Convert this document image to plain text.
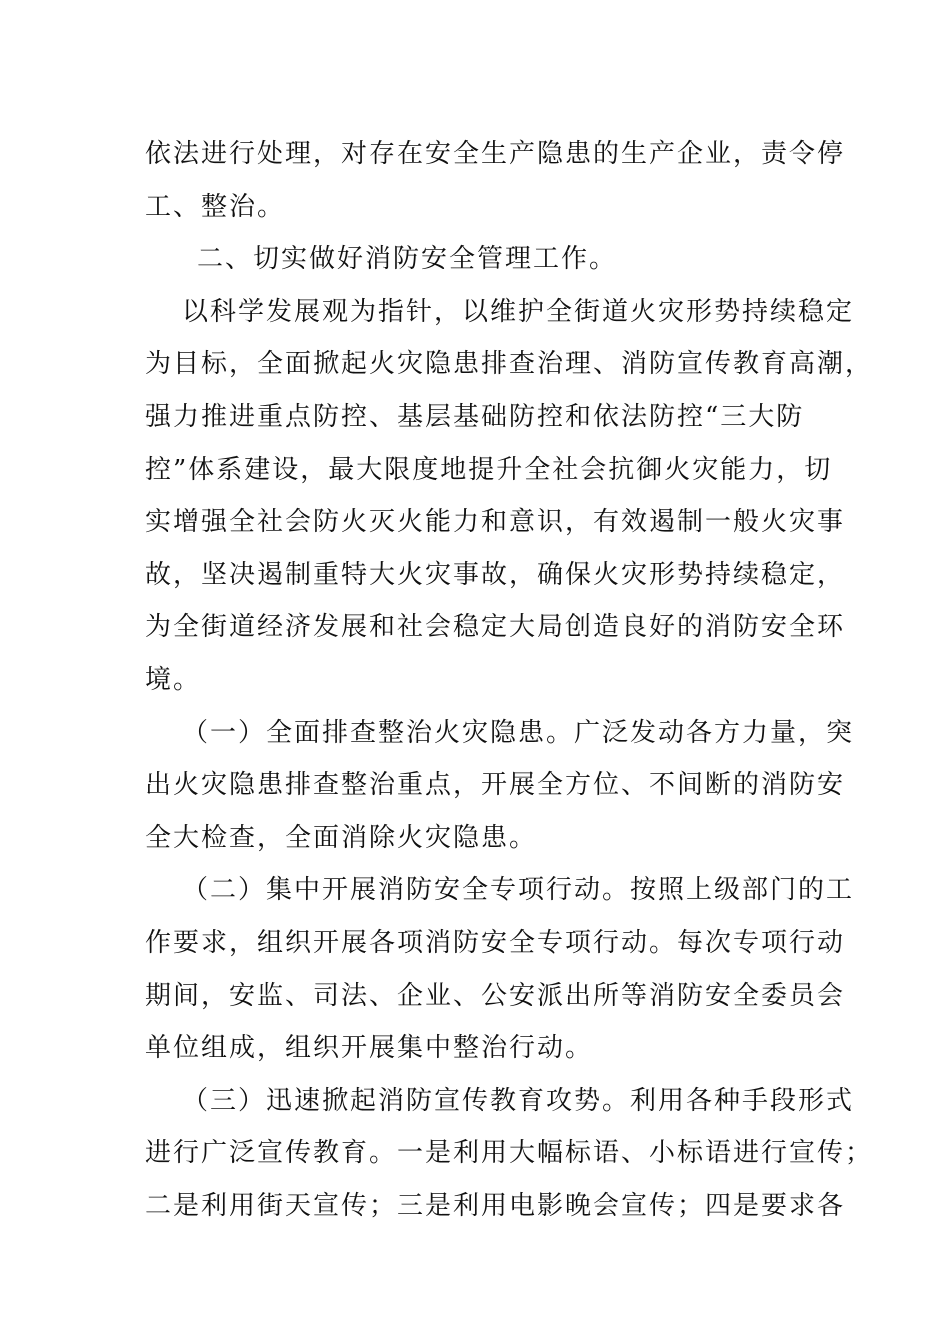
依法进行处理，对存在安全生产隐患的生产企业，责令停
工、整治。

二、切实做好消防安全管理工作。

以科学发展观为指针，以维护全街道火灾形势持续稳定
为目标，全面掀起火灾隐患排查治理、消防宣传教育高潮，
强力推进重点防控、基层基础防控和依法防控“三大防
控”体系建设，最大限度地提升全社会抗御火灾能力，切
实增强全社会防火灭火能力和意识，有效遏制一般火灾事
故，坚决遏制重特大火灾事故，确保火灾形势持续稳定，
为全街道经济发展和社会稳定大局创造良好的消防安全环
境。

（一）全面排查整治火灾隐患。广泛发动各方力量，突
出火灾隐患排查整治重点，开展全方位、不间断的消防安
全大检查，全面消除火灾隐患。

（二）集中开展消防安全专项行动。按照上级部门的工
作要求，组织开展各项消防安全专项行动。每次专项行动
期间，安监、司法、企业、公安派出所等消防安全委员会
单位组成，组织开展集中整治行动。

（三）迅速掀起消防宣传教育攻势。利用各种手段形式
进行广泛宣传教育。一是利用大幅标语、小标语进行宣传；
二是利用街天宣传；三是利用电影晚会宣传；四是要求各
